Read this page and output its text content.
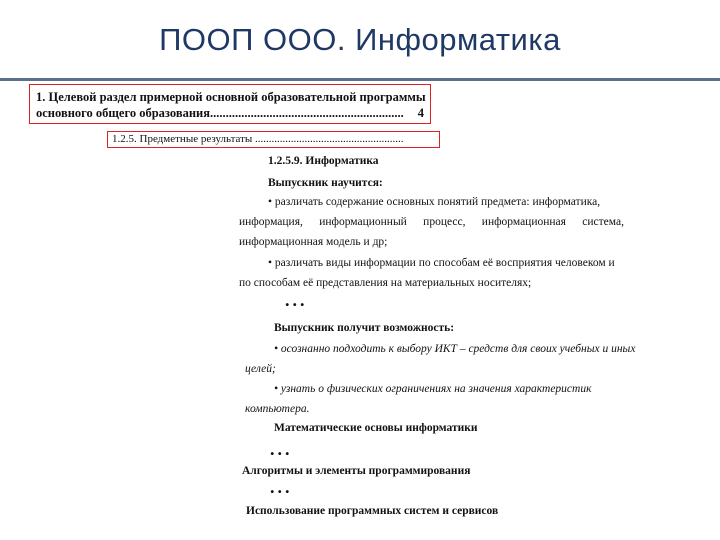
ПООП ООО. Информатика
1. Целевой раздел примерной основной образовательной программы
основного общего образования.............................................................. 4
1.2.5. Предметные результаты ......................................................
1.2.5.9. Информатика
Выпускник научится:
• различать содержание основных понятий предмета: информатика,
информация, информационный процесс, информационная система,
информационная модель и др;
• различать виды информации по способам её восприятия человеком и
по способам её представления на материальных носителях;
...
Выпускник получит возможность:
• осознанно подходить к выбору ИКТ – средств для своих учебных и иных
целей;
• узнать о физических ограничениях на значения характеристик
компьютера.
Математические основы информатики
...
Алгоритмы и элементы программирования
...
Использование программных систем и сервисов
